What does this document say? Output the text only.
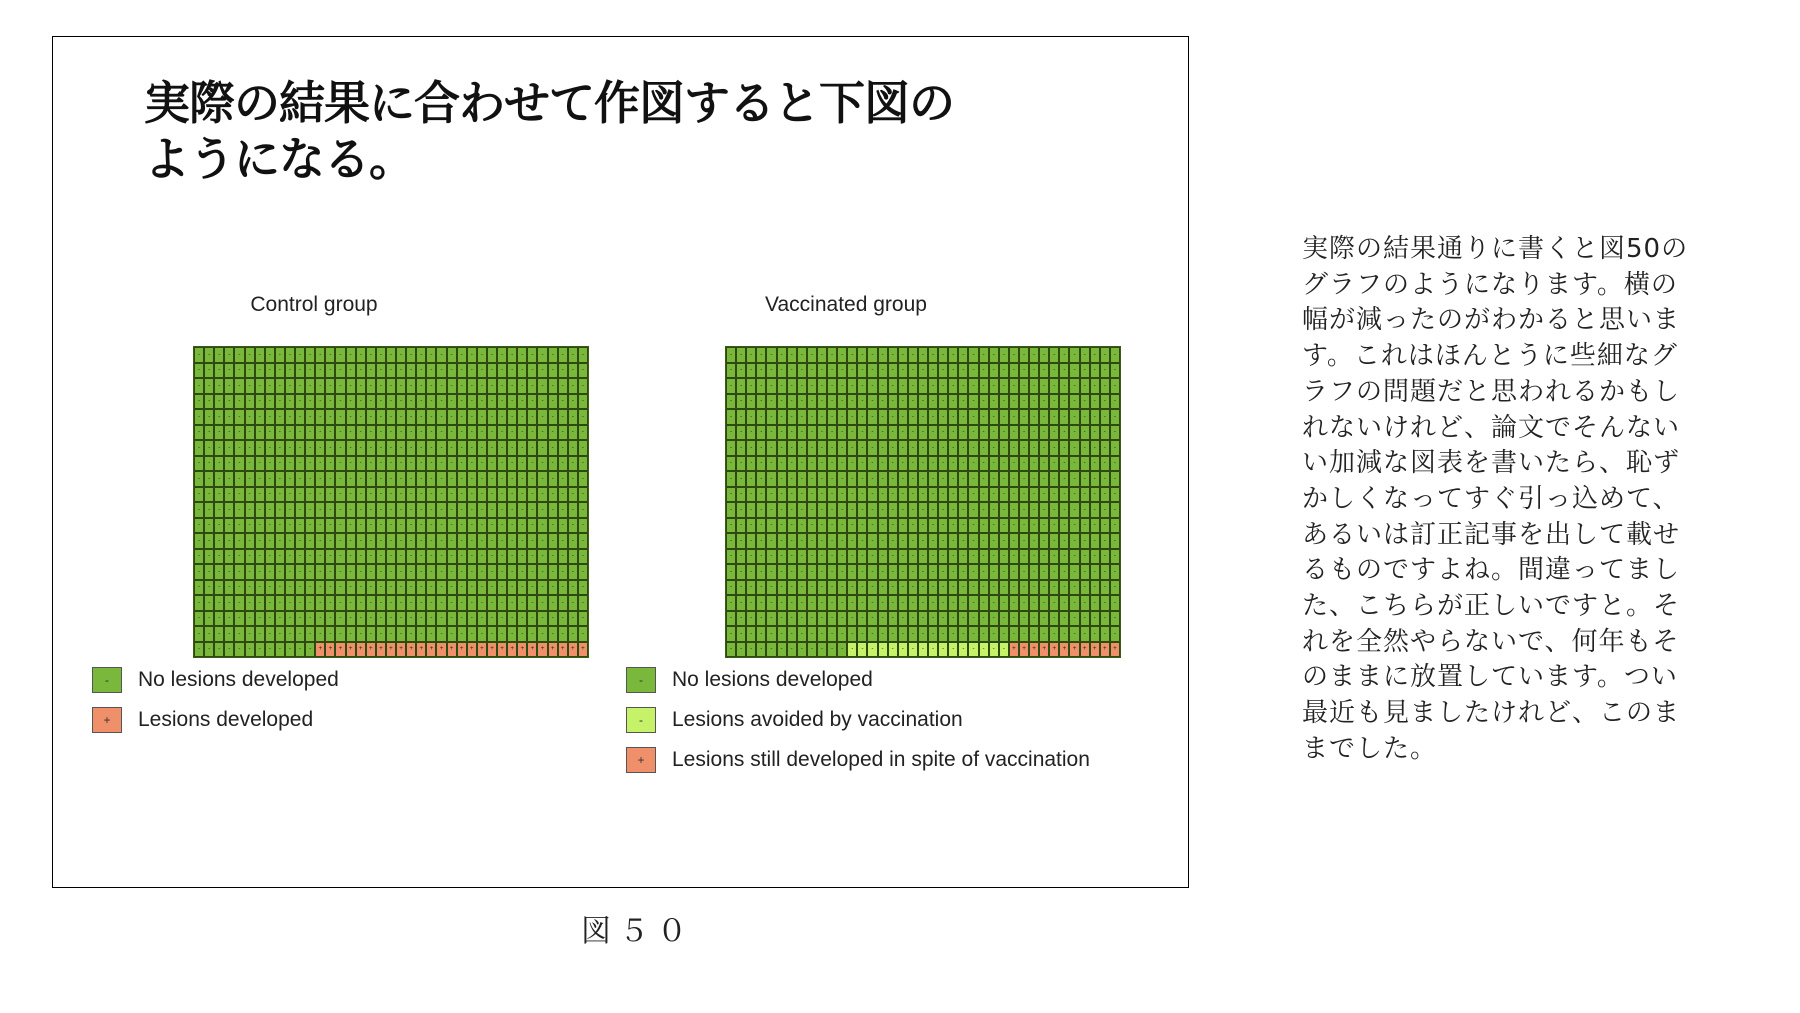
実際の結果に合わせて作図すると下図の
ようになる。
Control group
-	-	-	-	-	-	-	-	-	-	-	-	-	-	-	-	-	-	-	-	-	-	-	-	-	-	-	-	-	-	-	-	-	-	-	-	-	-	-
-	-	-	-	-	-	-	-	-	-	-	-	-	-	-	-	-	-	-	-	-	-	-	-	-	-	-	-	-	-	-	-	-	-	-	-	-	-	-
-	-	-	-	-	-	-	-	-	-	-	-	-	-	-	-	-	-	-	-	-	-	-	-	-	-	-	-	-	-	-	-	-	-	-	-	-	-	-
-	-	-	-	-	-	-	-	-	-	-	-	-	-	-	-	-	-	-	-	-	-	-	-	-	-	-	-	-	-	-	-	-	-	-	-	-	-	-
-	-	-	-	-	-	-	-	-	-	-	-	-	-	-	-	-	-	-	-	-	-	-	-	-	-	-	-	-	-	-	-	-	-	-	-	-	-	-
-	-	-	-	-	-	-	-	-	-	-	-	-	-	-	-	-	-	-	-	-	-	-	-	-	-	-	-	-	-	-	-	-	-	-	-	-	-	-
-	-	-	-	-	-	-	-	-	-	-	-	-	-	-	-	-	-	-	-	-	-	-	-	-	-	-	-	-	-	-	-	-	-	-	-	-	-	-
-	-	-	-	-	-	-	-	-	-	-	-	-	-	-	-	-	-	-	-	-	-	-	-	-	-	-	-	-	-	-	-	-	-	-	-	-	-	-
-	-	-	-	-	-	-	-	-	-	-	-	-	-	-	-	-	-	-	-	-	-	-	-	-	-	-	-	-	-	-	-	-	-	-	-	-	-	-
-	-	-	-	-	-	-	-	-	-	-	-	-	-	-	-	-	-	-	-	-	-	-	-	-	-	-	-	-	-	-	-	-	-	-	-	-	-	-
-	-	-	-	-	-	-	-	-	-	-	-	-	-	-	-	-	-	-	-	-	-	-	-	-	-	-	-	-	-	-	-	-	-	-	-	-	-	-
-	-	-	-	-	-	-	-	-	-	-	-	-	-	-	-	-	-	-	-	-	-	-	-	-	-	-	-	-	-	-	-	-	-	-	-	-	-	-
-	-	-	-	-	-	-	-	-	-	-	-	-	-	-	-	-	-	-	-	-	-	-	-	-	-	-	-	-	-	-	-	-	-	-	-	-	-	-
-	-	-	-	-	-	-	-	-	-	-	-	-	-	-	-	-	-	-	-	-	-	-	-	-	-	-	-	-	-	-	-	-	-	-	-	-	-	-
-	-	-	-	-	-	-	-	-	-	-	-	-	-	-	-	-	-	-	-	-	-	-	-	-	-	-	-	-	-	-	-	-	-	-	-	-	-	-
-	-	-	-	-	-	-	-	-	-	-	-	-	-	-	-	-	-	-	-	-	-	-	-	-	-	-	-	-	-	-	-	-	-	-	-	-	-	-
-	-	-	-	-	-	-	-	-	-	-	-	-	-	-	-	-	-	-	-	-	-	-	-	-	-	-	-	-	-	-	-	-	-	-	-	-	-	-
-	-	-	-	-	-	-	-	-	-	-	-	-	-	-	-	-	-	-	-	-	-	-	-	-	-	-	-	-	-	-	-	-	-	-	-	-	-	-
-	-	-	-	-	-	-	-	-	-	-	-	-	-	-	-	-	-	-	-	-	-	-	-	-	-	-	-	-	-	-	-	-	-	-	-	-	-	-
-	-	-	-	-	-	-	-	-	-	-	-	+	+	+	+	+	+	+	+	+	+	+	+	+	+	+	+	+	+	+	+	+	+	+	+	+	+	+
-	No lesions developed
+	Lesions developed
Vaccinated group
-	-	-	-	-	-	-	-	-	-	-	-	-	-	-	-	-	-	-	-	-	-	-	-	-	-	-	-	-	-	-	-	-	-	-	-	-	-	-
-	-	-	-	-	-	-	-	-	-	-	-	-	-	-	-	-	-	-	-	-	-	-	-	-	-	-	-	-	-	-	-	-	-	-	-	-	-	-
-	-	-	-	-	-	-	-	-	-	-	-	-	-	-	-	-	-	-	-	-	-	-	-	-	-	-	-	-	-	-	-	-	-	-	-	-	-	-
-	-	-	-	-	-	-	-	-	-	-	-	-	-	-	-	-	-	-	-	-	-	-	-	-	-	-	-	-	-	-	-	-	-	-	-	-	-	-
-	-	-	-	-	-	-	-	-	-	-	-	-	-	-	-	-	-	-	-	-	-	-	-	-	-	-	-	-	-	-	-	-	-	-	-	-	-	-
-	-	-	-	-	-	-	-	-	-	-	-	-	-	-	-	-	-	-	-	-	-	-	-	-	-	-	-	-	-	-	-	-	-	-	-	-	-	-
-	-	-	-	-	-	-	-	-	-	-	-	-	-	-	-	-	-	-	-	-	-	-	-	-	-	-	-	-	-	-	-	-	-	-	-	-	-	-
-	-	-	-	-	-	-	-	-	-	-	-	-	-	-	-	-	-	-	-	-	-	-	-	-	-	-	-	-	-	-	-	-	-	-	-	-	-	-
-	-	-	-	-	-	-	-	-	-	-	-	-	-	-	-	-	-	-	-	-	-	-	-	-	-	-	-	-	-	-	-	-	-	-	-	-	-	-
-	-	-	-	-	-	-	-	-	-	-	-	-	-	-	-	-	-	-	-	-	-	-	-	-	-	-	-	-	-	-	-	-	-	-	-	-	-	-
-	-	-	-	-	-	-	-	-	-	-	-	-	-	-	-	-	-	-	-	-	-	-	-	-	-	-	-	-	-	-	-	-	-	-	-	-	-	-
-	-	-	-	-	-	-	-	-	-	-	-	-	-	-	-	-	-	-	-	-	-	-	-	-	-	-	-	-	-	-	-	-	-	-	-	-	-	-
-	-	-	-	-	-	-	-	-	-	-	-	-	-	-	-	-	-	-	-	-	-	-	-	-	-	-	-	-	-	-	-	-	-	-	-	-	-	-
-	-	-	-	-	-	-	-	-	-	-	-	-	-	-	-	-	-	-	-	-	-	-	-	-	-	-	-	-	-	-	-	-	-	-	-	-	-	-
-	-	-	-	-	-	-	-	-	-	-	-	-	-	-	-	-	-	-	-	-	-	-	-	-	-	-	-	-	-	-	-	-	-	-	-	-	-	-
-	-	-	-	-	-	-	-	-	-	-	-	-	-	-	-	-	-	-	-	-	-	-	-	-	-	-	-	-	-	-	-	-	-	-	-	-	-	-
-	-	-	-	-	-	-	-	-	-	-	-	-	-	-	-	-	-	-	-	-	-	-	-	-	-	-	-	-	-	-	-	-	-	-	-	-	-	-
-	-	-	-	-	-	-	-	-	-	-	-	-	-	-	-	-	-	-	-	-	-	-	-	-	-	-	-	-	-	-	-	-	-	-	-	-	-	-
-	-	-	-	-	-	-	-	-	-	-	-	-	-	-	-	-	-	-	-	-	-	-	-	-	-	-	-	-	-	-	-	-	-	-	-	-	-	-
-	-	-	-	-	-	-	-	-	-	-	-	-	-	-	-	-	-	-	-	-	-	-	-	-	-	-	-	+	+	+	+	+	+	+	+	+	+	+
-	No lesions developed
-	Lesions avoided by vaccination
+	Lesions still developed in spite of vaccination
図５０

実際の結果通りに書くと図50の
グラフのようになります。横の
幅が減ったのがわかると思いま
す。これはほんとうに些細なグ
ラフの問題だと思われるかもし
れないけれど、論文でそんない
い加減な図表を書いたら、恥ず
かしくなってすぐ引っ込めて、
あるいは訂正記事を出して載せ
るものですよね。間違ってまし
た、こちらが正しいですと。そ
れを全然やらないで、何年もそ
のままに放置しています。つい
最近も見ましたけれど、このま
までした。
